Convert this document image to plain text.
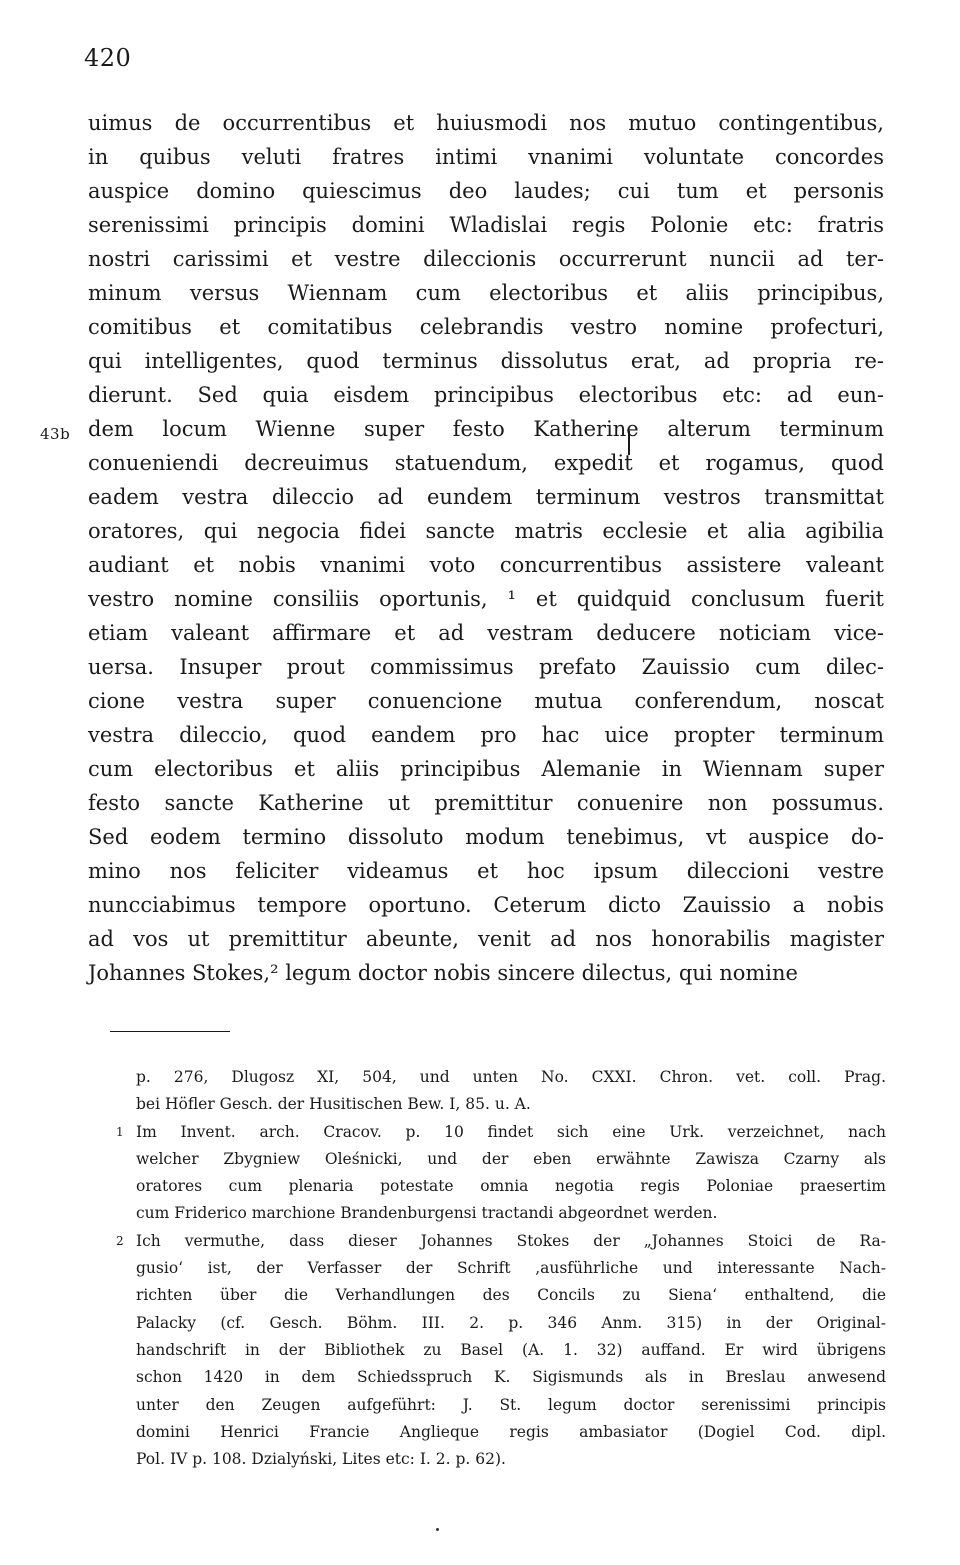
420
43b
uimus de occurrentibus et huiusmodi nos mutuo contingentibus,
in quibus veluti fratres intimi vnanimi voluntate concordes
auspice domino quiescimus deo laudes; cui tum et personis
serenissimi principis domini Wladislai regis Polonie etc: fratris
nostri carissimi et vestre dileccionis occurrerunt nuncii ad ter-
minum versus Wiennam cum electoribus et aliis principibus,
comitibus et comitatibus celebrandis vestro nomine profecturi,
qui intelligentes, quod terminus dissolutus erat, ad propria re-
dierunt. Sed quia eisdem principibus electoribus etc: ad eun-
dem locum Wienne super festo Katherine alterum terminum
conueniendi decreuimus statuendum, expedit et rogamus, quod
eadem vestra dileccio ad eundem terminum vestros transmittat
oratores, qui negocia fidei sancte matris ecclesie et alia agibilia
audiant et nobis vnanimi voto concurrentibus assistere valeant
vestro nomine consiliis oportunis, ¹ et quidquid conclusum fuerit
etiam valeant affirmare et ad vestram deducere noticiam vice-
uersa. Insuper prout commissimus prefato Zauissio cum dilec-
cione vestra super conuencione mutua conferendum, noscat
vestra dileccio, quod eandem pro hac uice propter terminum
cum electoribus et aliis principibus Alemanie in Wiennam super
festo sancte Katherine ut premittitur conuenire non possumus.
Sed eodem termino dissoluto modum tenebimus, vt auspice do-
mino nos feliciter videamus et hoc ipsum dileccioni vestre
nuncciabimus tempore oportuno. Ceterum dicto Zauissio a nobis
ad vos ut premittitur abeunte, venit ad nos honorabilis magister
Johannes Stokes,² legum doctor nobis sincere dilectus, qui nomine
p. 276, Dlugosz XI, 504, und unten No. CXXI. Chron. vet. coll. Prag.
bei Höfler Gesch. der Husitischen Bew. I, 85. u. A.
1 Im Invent. arch. Cracov. p. 10 findet sich eine Urk. verzeichnet, nach
welcher Zbygniew Oleśnicki, und der eben erwähnte Zawisza Czarny als
oratores cum plenaria potestate omnia negotia regis Poloniae praesertim
cum Friderico marchione Brandenburgensi tractandi abgeordnet werden.
2 Ich vermuthe, dass dieser Johannes Stokes der „Johannes Stoici de Ra-
gusio‘ ist, der Verfasser der Schrift ‚ausführliche und interessante Nach-
richten über die Verhandlungen des Concils zu Siena‘ enthaltend, die
Palacky (cf. Gesch. Böhm. III. 2. p. 346 Anm. 315) in der Original-
handschrift in der Bibliothek zu Basel (A. 1. 32) auffand. Er wird übrigens
schon 1420 in dem Schiedsspruch K. Sigismunds als in Breslau anwesend
unter den Zeugen aufgeführt: J. St. legum doctor serenissimi principis
domini Henrici Francie Anglieque regis ambasiator (Dogiel Cod. dipl.
Pol. IV p. 108. Dzialyński, Lites etc: I. 2. p. 62).
